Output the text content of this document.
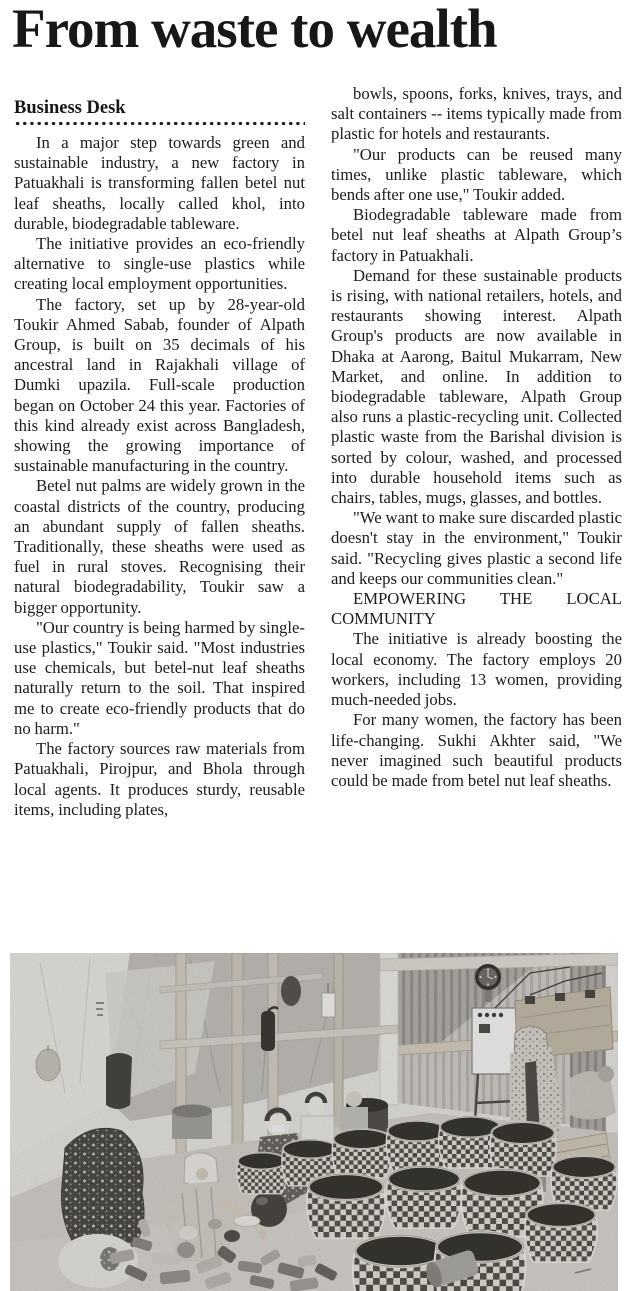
From waste to wealth
Business Desk

In a major step towards green and sustainable industry, a new factory in Patuakhali is transforming fallen betel nut leaf sheaths, locally called khol, into durable, biodegradable tableware.

The initiative provides an eco-friendly alternative to single-use plastics while creating local employment opportunities.

The factory, set up by 28-year-old Toukir Ahmed Sabab, founder of Alpath Group, is built on 35 decimals of his ancestral land in Rajakhali village of Dumki upazila. Full-scale production began on October 24 this year. Factories of this kind already exist across Bangladesh, showing the growing importance of sustainable manufacturing in the country.

Betel nut palms are widely grown in the coastal districts of the country, producing an abundant supply of fallen sheaths. Traditionally, these sheaths were used as fuel in rural stoves. Recognising their natural biodegradability, Toukir saw a bigger opportunity.

"Our country is being harmed by single-use plastics," Toukir said. "Most industries use chemicals, but betel-nut leaf sheaths naturally return to the soil. That inspired me to create eco-friendly products that do no harm."

The factory sources raw materials from Patuakhali, Pirojpur, and Bhola through local agents. It produces sturdy, reusable items, including plates,

bowls, spoons, forks, knives, trays, and salt containers -- items typically made from plastic for hotels and restaurants.

"Our products can be reused many times, unlike plastic tableware, which bends after one use," Toukir added.

Biodegradable tableware made from betel nut leaf sheaths at Alpath Group’s factory in Patuakhali.

Demand for these sustainable products is rising, with national retailers, hotels, and restaurants showing interest. Alpath Group's products are now available in Dhaka at Aarong, Baitul Mukarram, New Market, and online. In addition to biodegradable tableware, Alpath Group also runs a plastic-recycling unit. Collected plastic waste from the Barishal division is sorted by colour, washed, and processed into durable household items such as chairs, tables, mugs, glasses, and bottles.

"We want to make sure discarded plastic doesn't stay in the environment," Toukir said. "Recycling gives plastic a second life and keeps our communities clean."

EMPOWERING THE LOCAL COMMUNITY

The initiative is already boosting the local economy. The factory employs 20 workers, including 13 women, providing much-needed jobs.

For many women, the factory has been life-changing. Sukhi Akhter said, "We never imagined such beautiful products could be made from betel nut leaf sheaths.
